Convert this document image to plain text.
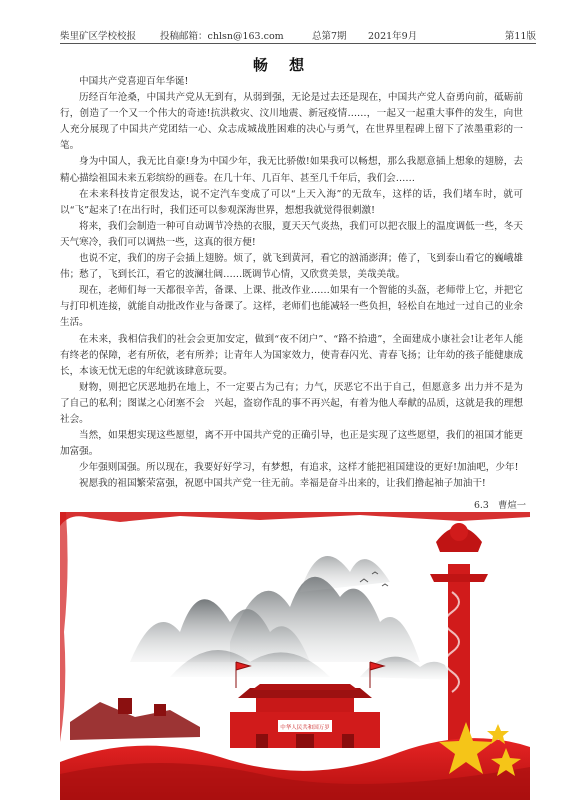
柴里矿区学校校报	投稿邮箱：chlsn@163.com	总第7期 2021年9月	第11版
畅 想

中国共产党喜迎百年华诞!

历经百年沧桑，中国共产党从无到有，从弱到强，无论是过去还是现在，中国共产党人奋勇向前，砥砺前行，创造了一个又一个伟大的奇迹!抗洪救灾、汶川地震、新冠疫情……，一起又一起重大事件的发生，向世人充分展现了中国共产党团结一心、众志成城战胜困难的决心与勇气，在世界里程碑上留下了浓墨重彩的一笔。

身为中国人，我无比自豪!身为中国少年，我无比骄傲!如果我可以畅想，那么我愿意插上想象的翅膀，去精心描绘祖国未来五彩缤纷的画卷。在几十年、几百年、甚至几千年后，我们会……

在未来科技肯定很发达，说不定汽车变成了可以“上天入海”的无敌车，这样的话，我们堵车时，就可以“飞”起来了!在出行时，我们还可以参观深海世界，想想我就觉得很刺激!

将来，我们会制造一种可自动调节冷热的衣服，夏天天气炎热，我们可以把衣服上的温度调低一些，冬天天气寒冷，我们可以调热一些，这真的很方便!

也说不定，我们的房子会插上翅膀。烦了，就飞到黄河，看它的汹涌澎湃；倦了，飞到泰山看它的巍峨雄伟；愁了，飞到长江，看它的波澜壮阔……既调节心情，又欣赏美景，美哉美哉。

现在，老师们每一天都很辛苦，备课、上课、批改作业……如果有一个智能的头盔，老师带上它，并把它与打印机连接，就能自动批改作业与备课了。这样，老师们也能减轻一些负担，轻松自在地过一过自己的业余生活。

在未来，我相信我们的社会会更加安定，做到“夜不闭户”、“路不拾遗”，全面建成小康社会!让老年人能有终老的保障，老有所依，老有所养；让青年人为国家效力，使青春闪光、青春飞扬；让年幼的孩子能健康成长，本该无忧无虑的年纪就该肆意玩耍。

财物，则把它厌恶地扔在地上，不一定要占为己有；力气，厌恶它不出于自己，但愿意多 出力并不是为了自己的私利；图谋之心闭塞不会　兴起，盗窃作乱的事不再兴起，有着为他人奉献的品质，这就是我的理想社会。

当然，如果想实现这些愿望，离不开中国共产党的正确引导，也正是实现了这些愿望，我们的祖国才能更加富强。

少年强则国强。所以现在，我要好好学习，有梦想，有追求，这样才能把祖国建设的更好!加油吧，少年!

祝愿我的祖国繁荣富强，祝愿中国共产党一往无前。幸福是奋斗出来的，让我们撸起袖子加油干!

6.3　曹煊一
中华人民共和国万岁
